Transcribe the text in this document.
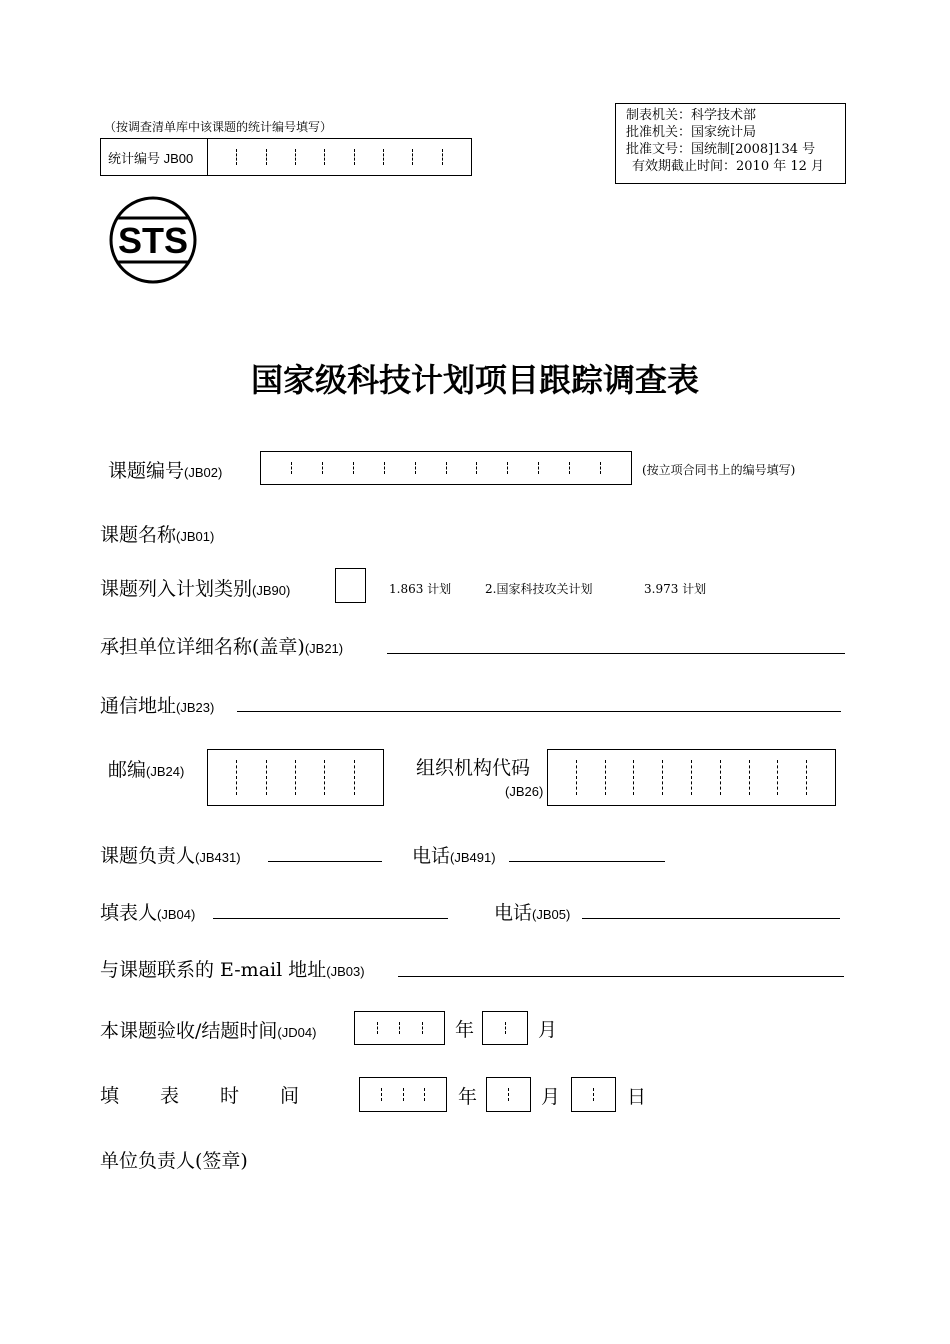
（按调查清单库中该课题的统计编号填写）
统计编号 JB00
制表机关：科学技术部
批准机关：国家统计局
批准文号：国统制[2008]134 号
有效期截止时间：2010 年 12 月
STS
国家级科技计划项目跟踪调查表
课题编号(JB02)	(按立项合同书上的编号填写)
课题名称(JB01)
课题列入计划类别(JB90)	1.863 计划	2.国家科技攻关计划	3.973 计划
承担单位详细名称(盖章)(JB21)
通信地址(JB23)
邮编(JB24)	组织机构代码
(JB26)
课题负责人(JB431)	电话(JB491)
填表人(JB04)	电话(JB05)
与课题联系的 E-mail 地址(JB03)
本课题验收/结题时间(JD04)	年	月
填　　表　　时　　间	年	月	日
单位负责人(签章)
